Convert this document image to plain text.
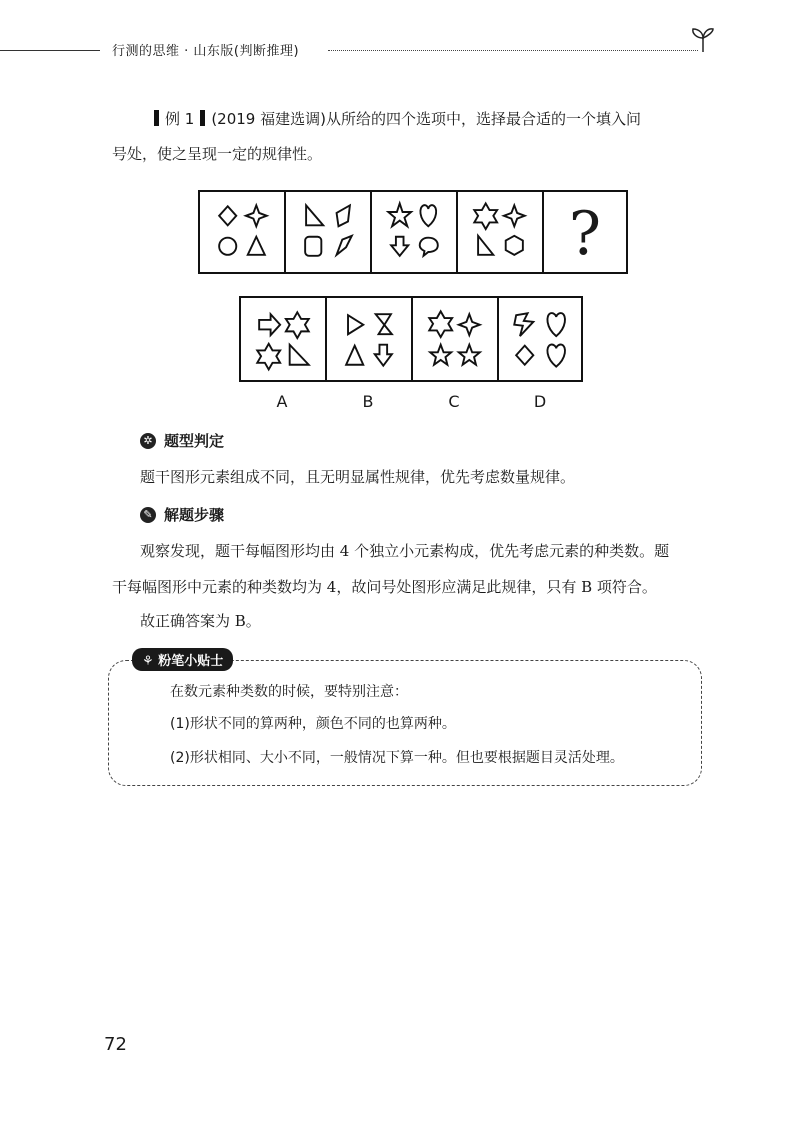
行测的思维 · 山东版(判断推理)
例 1 (2019 福建选调)从所给的四个选项中，选择最合适的一个填入问
号处，使之呈现一定的规律性。
?
A	B	C	D
✲ 题型判定
题干图形元素组成不同，且无明显属性规律，优先考虑数量规律。
✎ 解题步骤
观察发现，题干每幅图形均由 4 个独立小元素构成，优先考虑元素的种类数。题
干每幅图形中元素的种类数均为 4，故问号处图形应满足此规律，只有 B 项符合。
故正确答案为 B。
⚘ 粉笔小贴士
在数元素种类数的时候，要特别注意：
(1)形状不同的算两种，颜色不同的也算两种。
(2)形状相同、大小不同，一般情况下算一种。但也要根据题目灵活处理。
72
